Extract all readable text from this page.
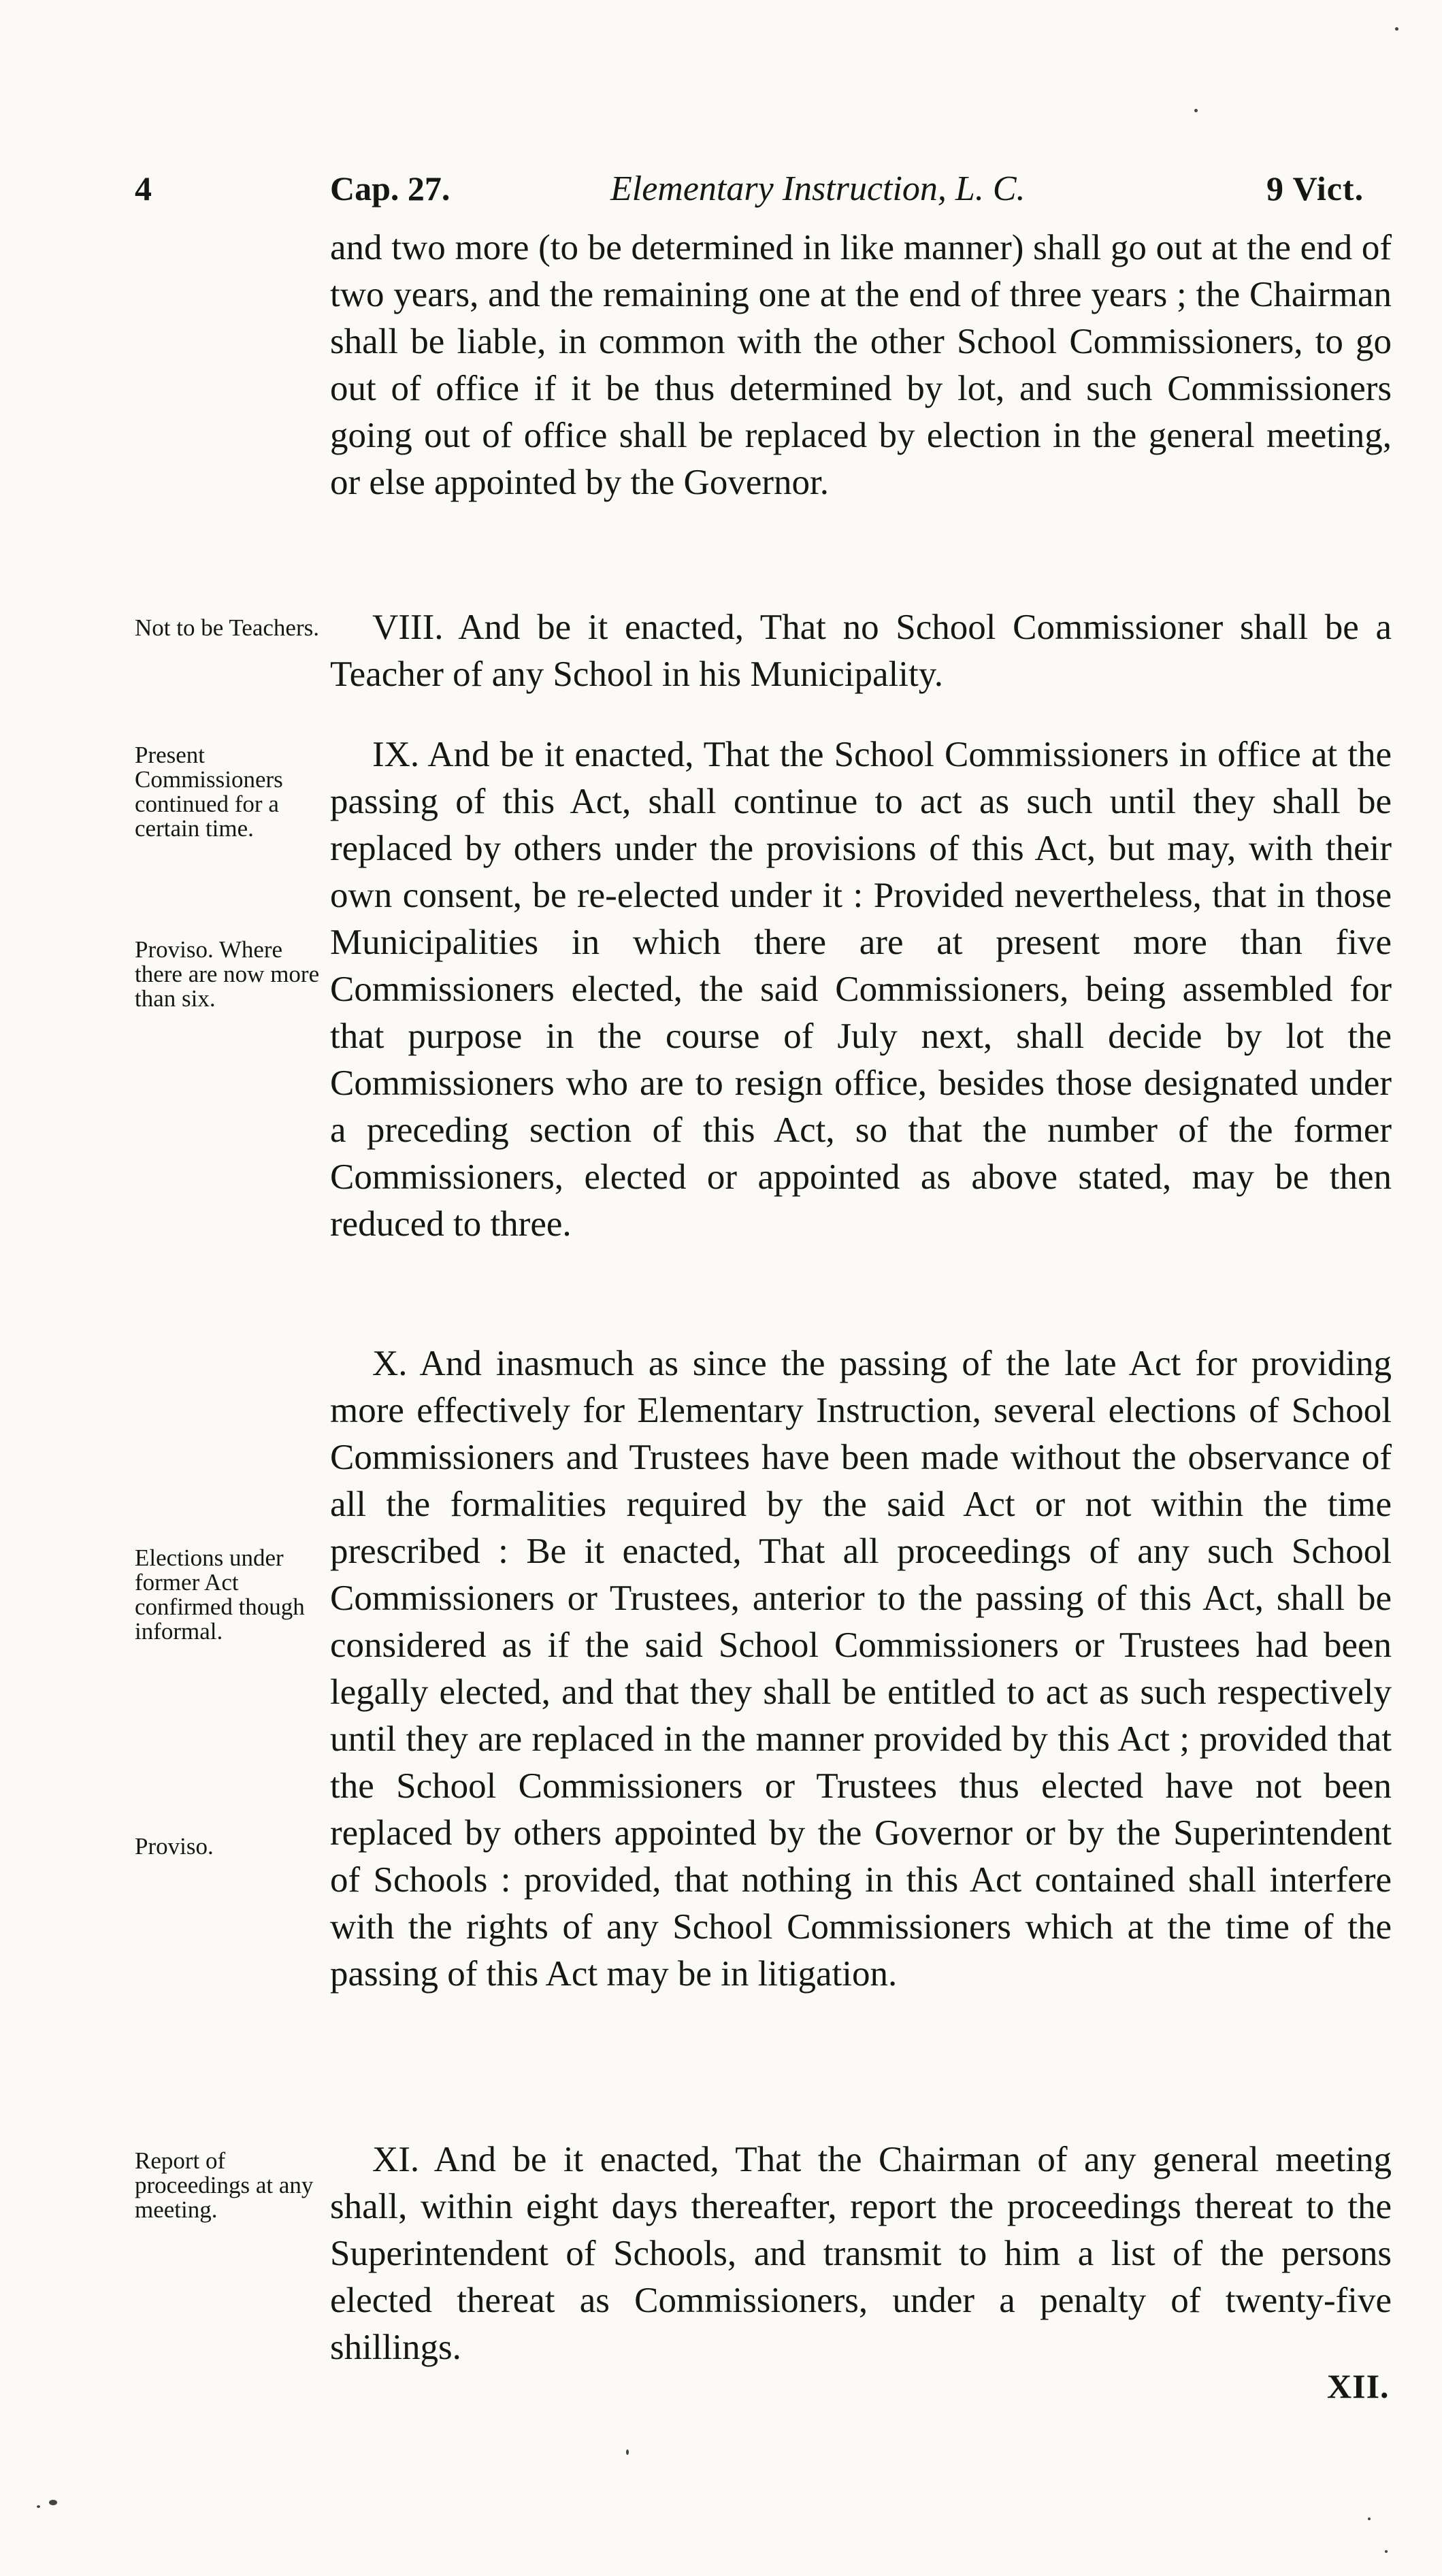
4	Cap. 27.	Elementary Instruction, L. C.	9 Vict.

and two more (to be determined in like manner) shall go out at the end of two years, and the remaining one at the end of three years ; the Chairman shall be liable, in common with the other School Commissioners, to go out of office if it be thus determined by lot, and such Commissioners going out of office shall be replaced by election in the general meeting, or else appointed by the Governor.

Not to be Teachers.	VIII. And be it enacted, That no School Commissioner shall be a Teacher of any School in his Municipality.

Present Commissioners continued for a certain time.
Proviso. Where there are now more than six.

IX. And be it enacted, That the School Commissioners in office at the passing of this Act, shall continue to act as such until they shall be replaced by others under the provisions of this Act, but may, with their own consent, be re-elected under it : Provided nevertheless, that in those Municipalities in which there are at present more than five Commissioners elected, the said Commissioners, being assembled for that purpose in the course of July next, shall decide by lot the Commissioners who are to resign office, besides those designated under a preceding section of this Act, so that the number of the former Commissioners, elected or appointed as above stated, may be then reduced to three.

Elections under former Act confirmed though informal.
Proviso.

X. And inasmuch as since the passing of the late Act for providing more effectively for Elementary Instruction, several elections of School Commissioners and Trustees have been made without the observance of all the formalities required by the said Act or not within the time prescribed : Be it enacted, That all proceedings of any such School Commissioners or Trustees, anterior to the passing of this Act, shall be considered as if the said School Commissioners or Trustees had been legally elected, and that they shall be entitled to act as such respectively until they are replaced in the manner provided by this Act ; provided that the School Commissioners or Trustees thus elected have not been replaced by others appointed by the Governor or by the Superintendent of Schools : provided, that nothing in this Act contained shall interfere with the rights of any School Commissioners which at the time of the passing of this Act may be in litigation.

Report of proceedings at any meeting.

XI. And be it enacted, That the Chairman of any general meeting shall, within eight days thereafter, report the proceedings thereat to the Superintendent of Schools, and transmit to him a list of the persons elected thereat as Commissioners, under a penalty of twenty-five shillings.

XII.
